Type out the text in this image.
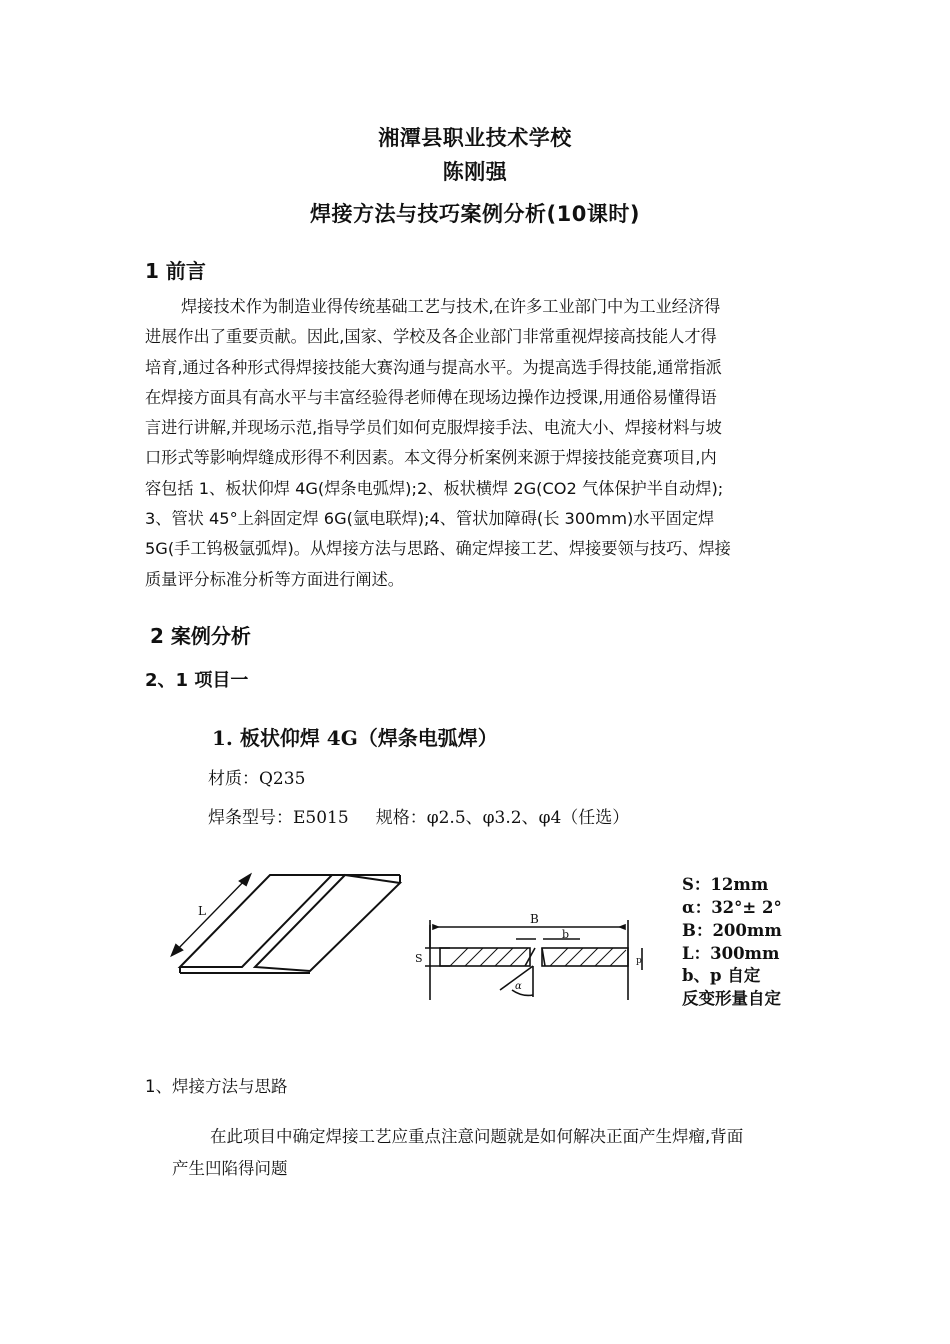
湘潭县职业技术学校
陈刚强
焊接方法与技巧案例分析(10课时)
1 前言
焊接技术作为制造业得传统基础工艺与技术,在许多工业部门中为工业经济得
进展作出了重要贡献。因此,国家、学校及各企业部门非常重视焊接高技能人才得
培育,通过各种形式得焊接技能大赛沟通与提高水平。为提高选手得技能,通常指派
在焊接方面具有高水平与丰富经验得老师傅在现场边操作边授课,用通俗易懂得语
言进行讲解,并现场示范,指导学员们如何克服焊接手法、电流大小、焊接材料与坡
口形式等影响焊缝成形得不利因素。本文得分析案例来源于焊接技能竞赛项目,内
容包括 1、板状仰焊 4G(焊条电弧焊);2、板状横焊 2G(CO2 气体保护半自动焊);
3、管状 45°上斜固定焊 6G(氩电联焊);4、管状加障碍(长 300mm)水平固定焊
5G(手工钨极氩弧焊)。从焊接方法与思路、确定焊接工艺、焊接要领与技巧、焊接
质量评分标准分析等方面进行阐述。
2 案例分析
2、1 项目一
1. 板状仰焊 4G（焊条电弧焊）
材质：Q235
焊条型号：E5015     规格：φ2.5、φ3.2、φ4（任选）
L
B
b
S	p
α
S：12mm
α：32°± 2°
B：200mm
L：300mm
b、p 自定
反变形量自定
1、焊接方法与思路
在此项目中确定焊接工艺应重点注意问题就是如何解决正面产生焊瘤,背面
产生凹陷得问题
